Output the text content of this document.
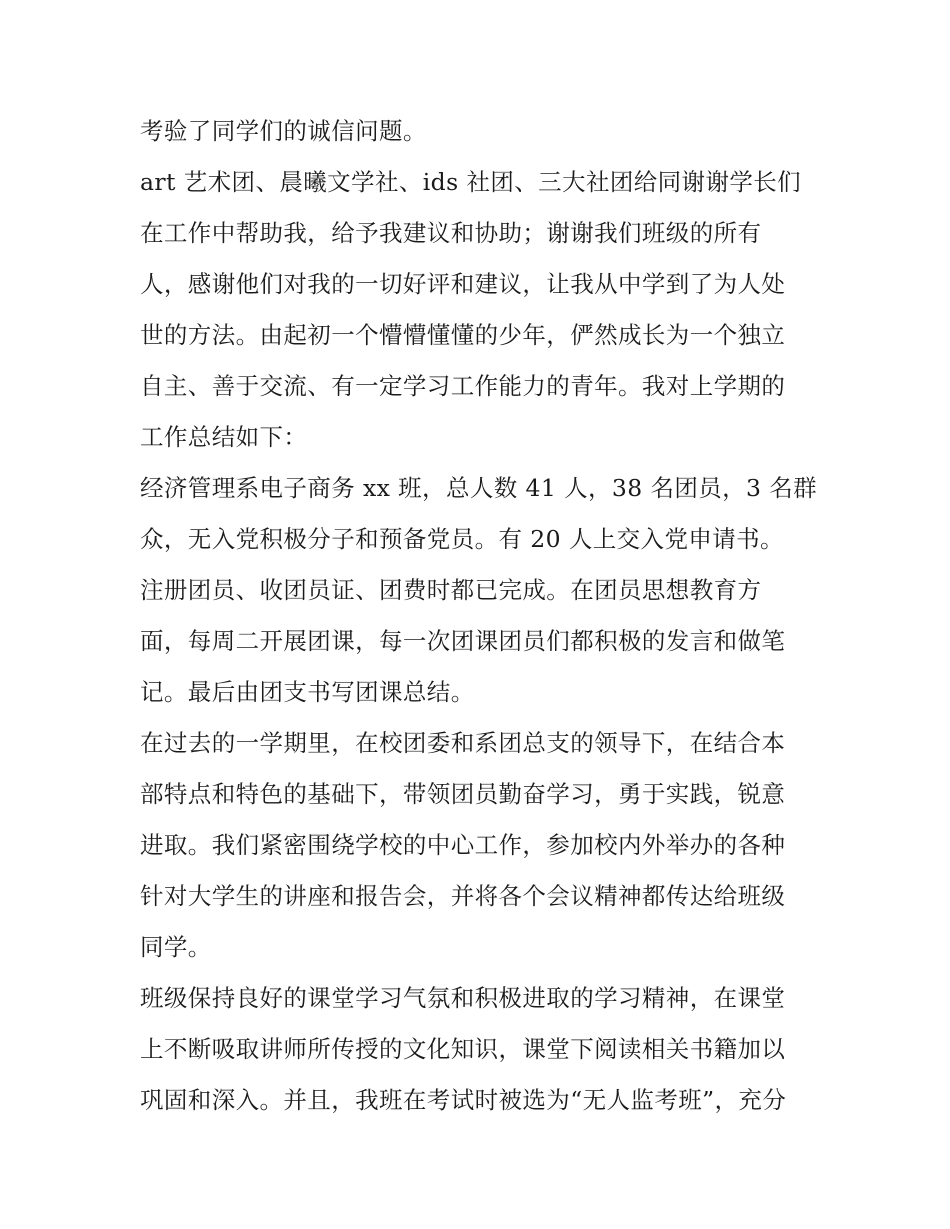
考验了同学们的诚信问题。
art 艺术团、晨曦文学社、ids 社团、三大社团给同谢谢学长们
在工作中帮助我，给予我建议和协助；谢谢我们班级的所有
人，感谢他们对我的一切好评和建议，让我从中学到了为人处
世的方法。由起初一个懵懵懂懂的少年，俨然成长为一个独立
自主、善于交流、有一定学习工作能力的青年。我对上学期的
工作总结如下：
经济管理系电子商务 xx 班，总人数 41 人，38 名团员，3 名群
众，无入党积极分子和预备党员。有 20 人上交入党申请书。
注册团员、收团员证、团费时都已完成。在团员思想教育方
面，每周二开展团课，每一次团课团员们都积极的发言和做笔
记。最后由团支书写团课总结。
在过去的一学期里，在校团委和系团总支的领导下，在结合本
部特点和特色的基础下，带领团员勤奋学习，勇于实践，锐意
进取。我们紧密围绕学校的中心工作，参加校内外举办的各种
针对大学生的讲座和报告会，并将各个会议精神都传达给班级
同学。
班级保持良好的课堂学习气氛和积极进取的学习精神，在课堂
上不断吸取讲师所传授的文化知识，课堂下阅读相关书籍加以
巩固和深入。并且，我班在考试时被选为“无人监考班”，充分
